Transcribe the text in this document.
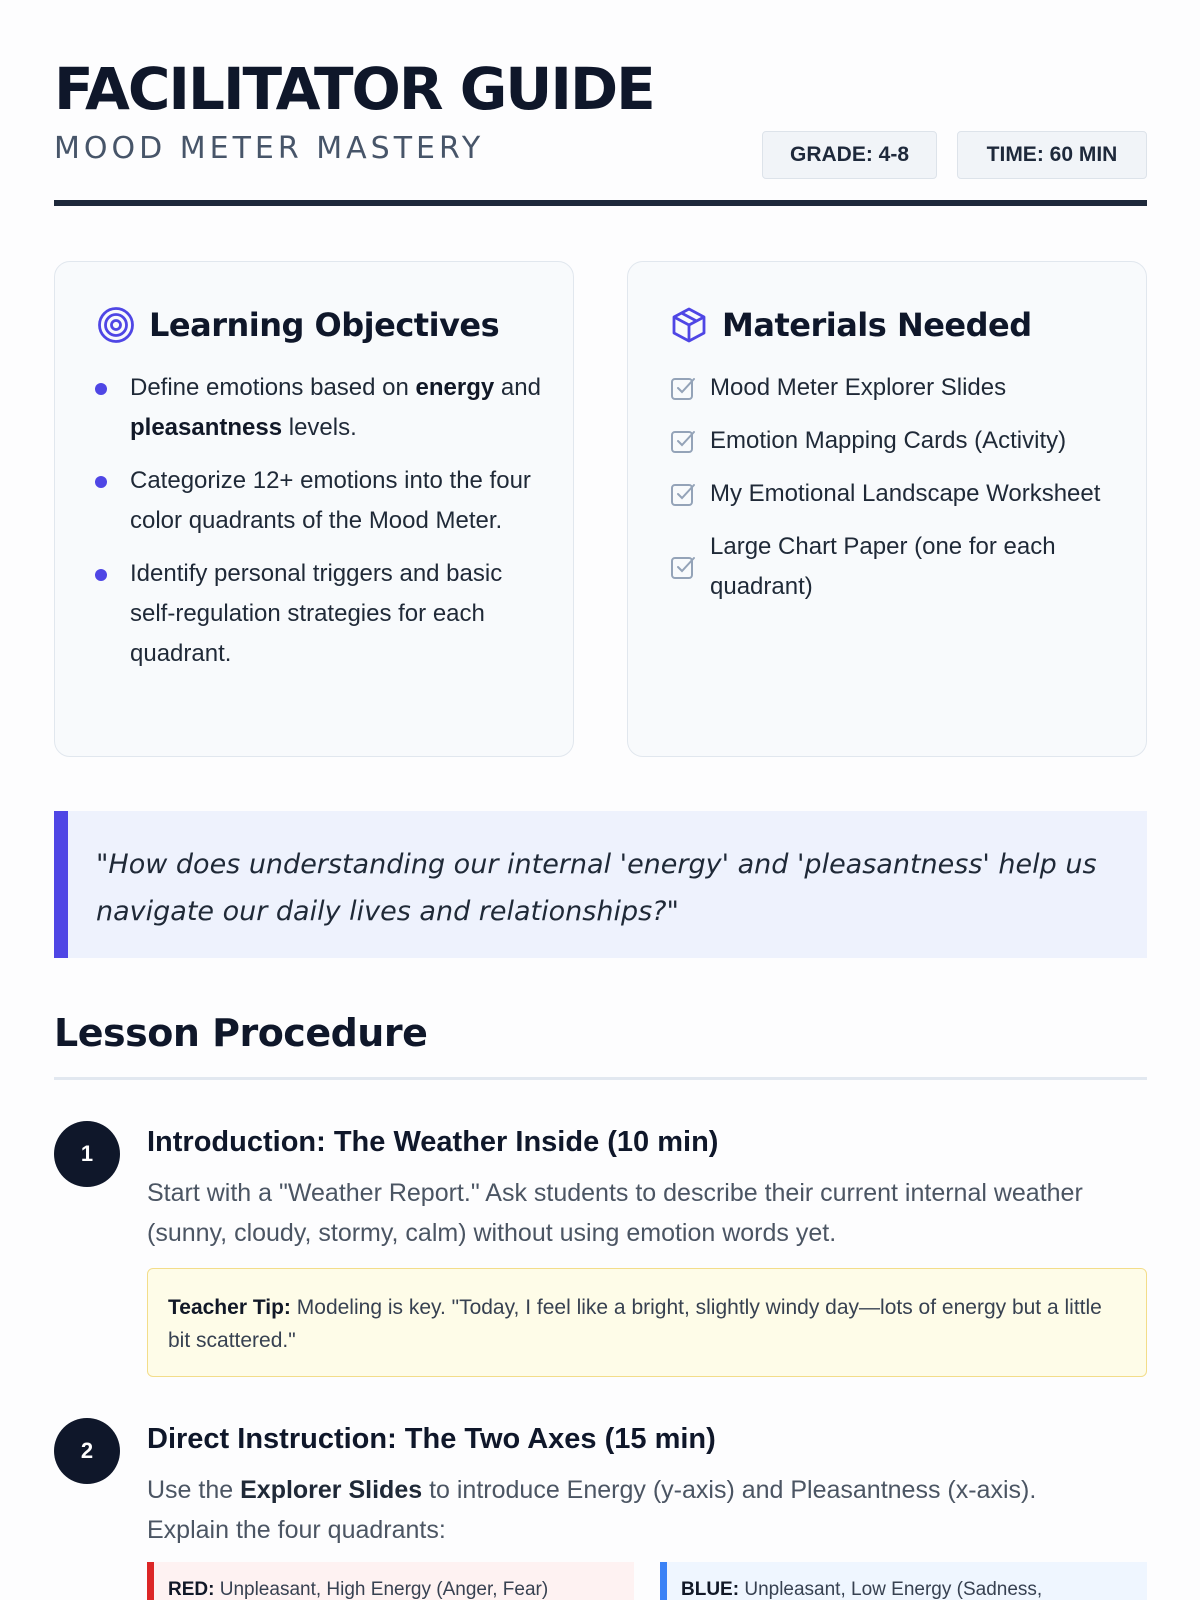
FACILITATOR GUIDE
MOOD METER MASTERY	GRADE: 4-8	TIME: 60 MIN
Learning Objectives
Define emotions based on energy and pleasantness levels.
Categorize 12+ emotions into the four color quadrants of the Mood Meter.
Identify personal triggers and basic self-regulation strategies for each quadrant.
Materials Needed
Mood Meter Explorer Slides
Emotion Mapping Cards (Activity)
My Emotional Landscape Worksheet
Large Chart Paper (one for each quadrant)

"How does understanding our internal 'energy' and 'pleasantness' help us navigate our daily lives and relationships?"

Lesson Procedure
1	Introduction: The Weather Inside (10 min)

Start with a "Weather Report." Ask students to describe their current internal weather (sunny, cloudy, stormy, calm) without using emotion words yet.

Teacher Tip: Modeling is key. "Today, I feel like a bright, slightly windy day—lots of energy but a little bit scattered."

2	Direct Instruction: The Two Axes (15 min)

Use the Explorer Slides to introduce Energy (y-axis) and Pleasantness (x-axis). Explain the four quadrants:

RED: Unpleasant, High Energy (Anger, Fear)	BLUE: Unpleasant, Low Energy (Sadness,
